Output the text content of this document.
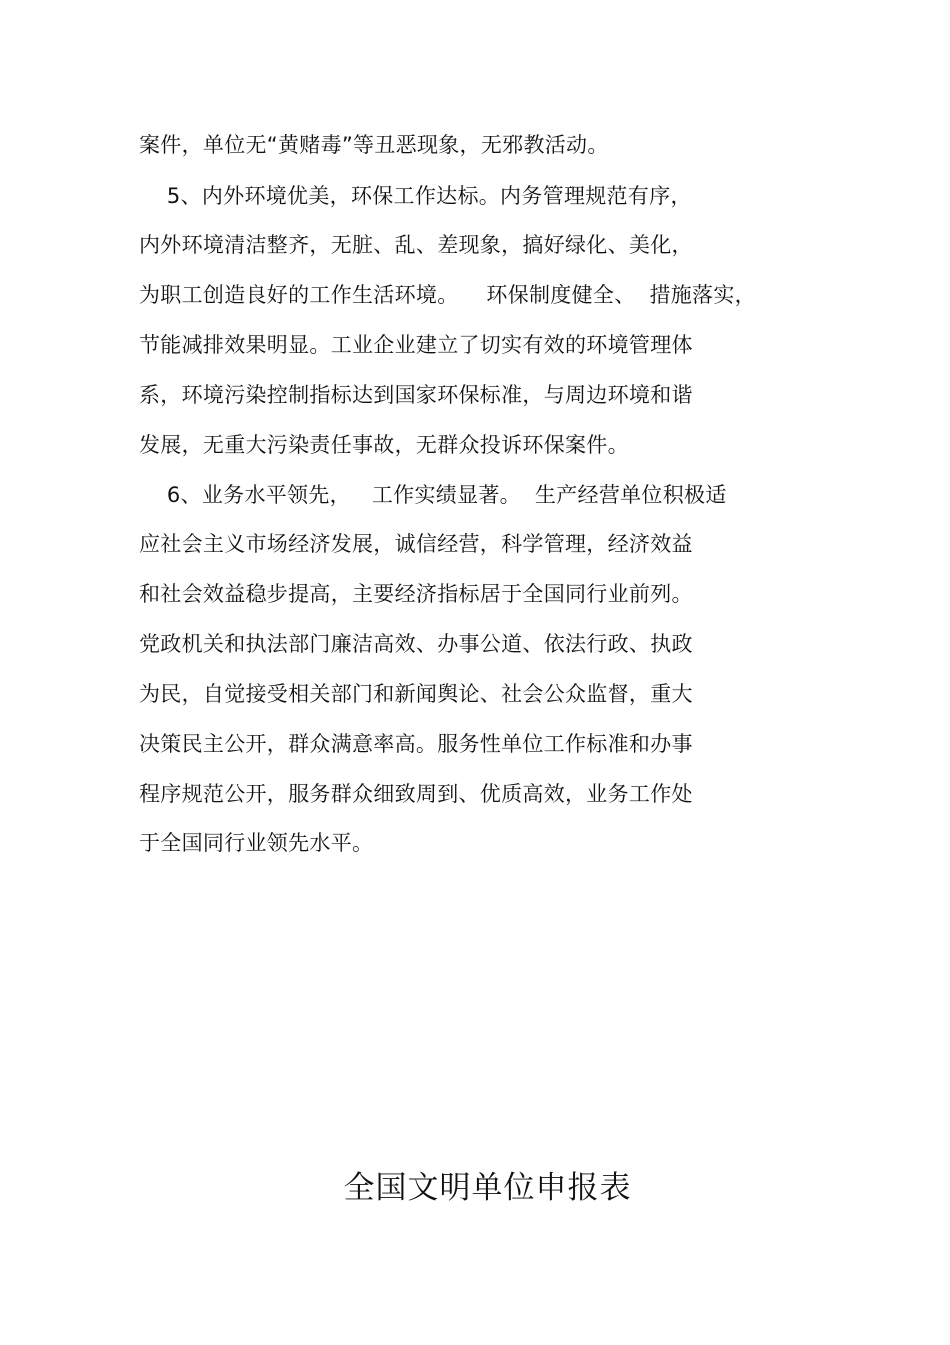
案件，单位无“黄赌毒”等丑恶现象，无邪教活动。
5、内外环境优美，环保工作达标。内务管理规范有序，
内外环境清洁整齐，无脏、乱、差现象，搞好绿化、美化，
为职工创造良好的工作生活环境。    环保制度健全、  措施落实，
节能减排效果明显。工业企业建立了切实有效的环境管理体
系，环境污染控制指标达到国家环保标准，与周边环境和谐
发展，无重大污染责任事故，无群众投诉环保案件。
6、业务水平领先，   工作实绩显著。  生产经营单位积极适
应社会主义市场经济发展，诚信经营，科学管理，经济效益
和社会效益稳步提高，主要经济指标居于全国同行业前列。
党政机关和执法部门廉洁高效、办事公道、依法行政、执政
为民，自觉接受相关部门和新闻舆论、社会公众监督，重大
决策民主公开，群众满意率高。服务性单位工作标准和办事
程序规范公开，服务群众细致周到、优质高效，业务工作处
于全国同行业领先水平。
全国文明单位申报表
